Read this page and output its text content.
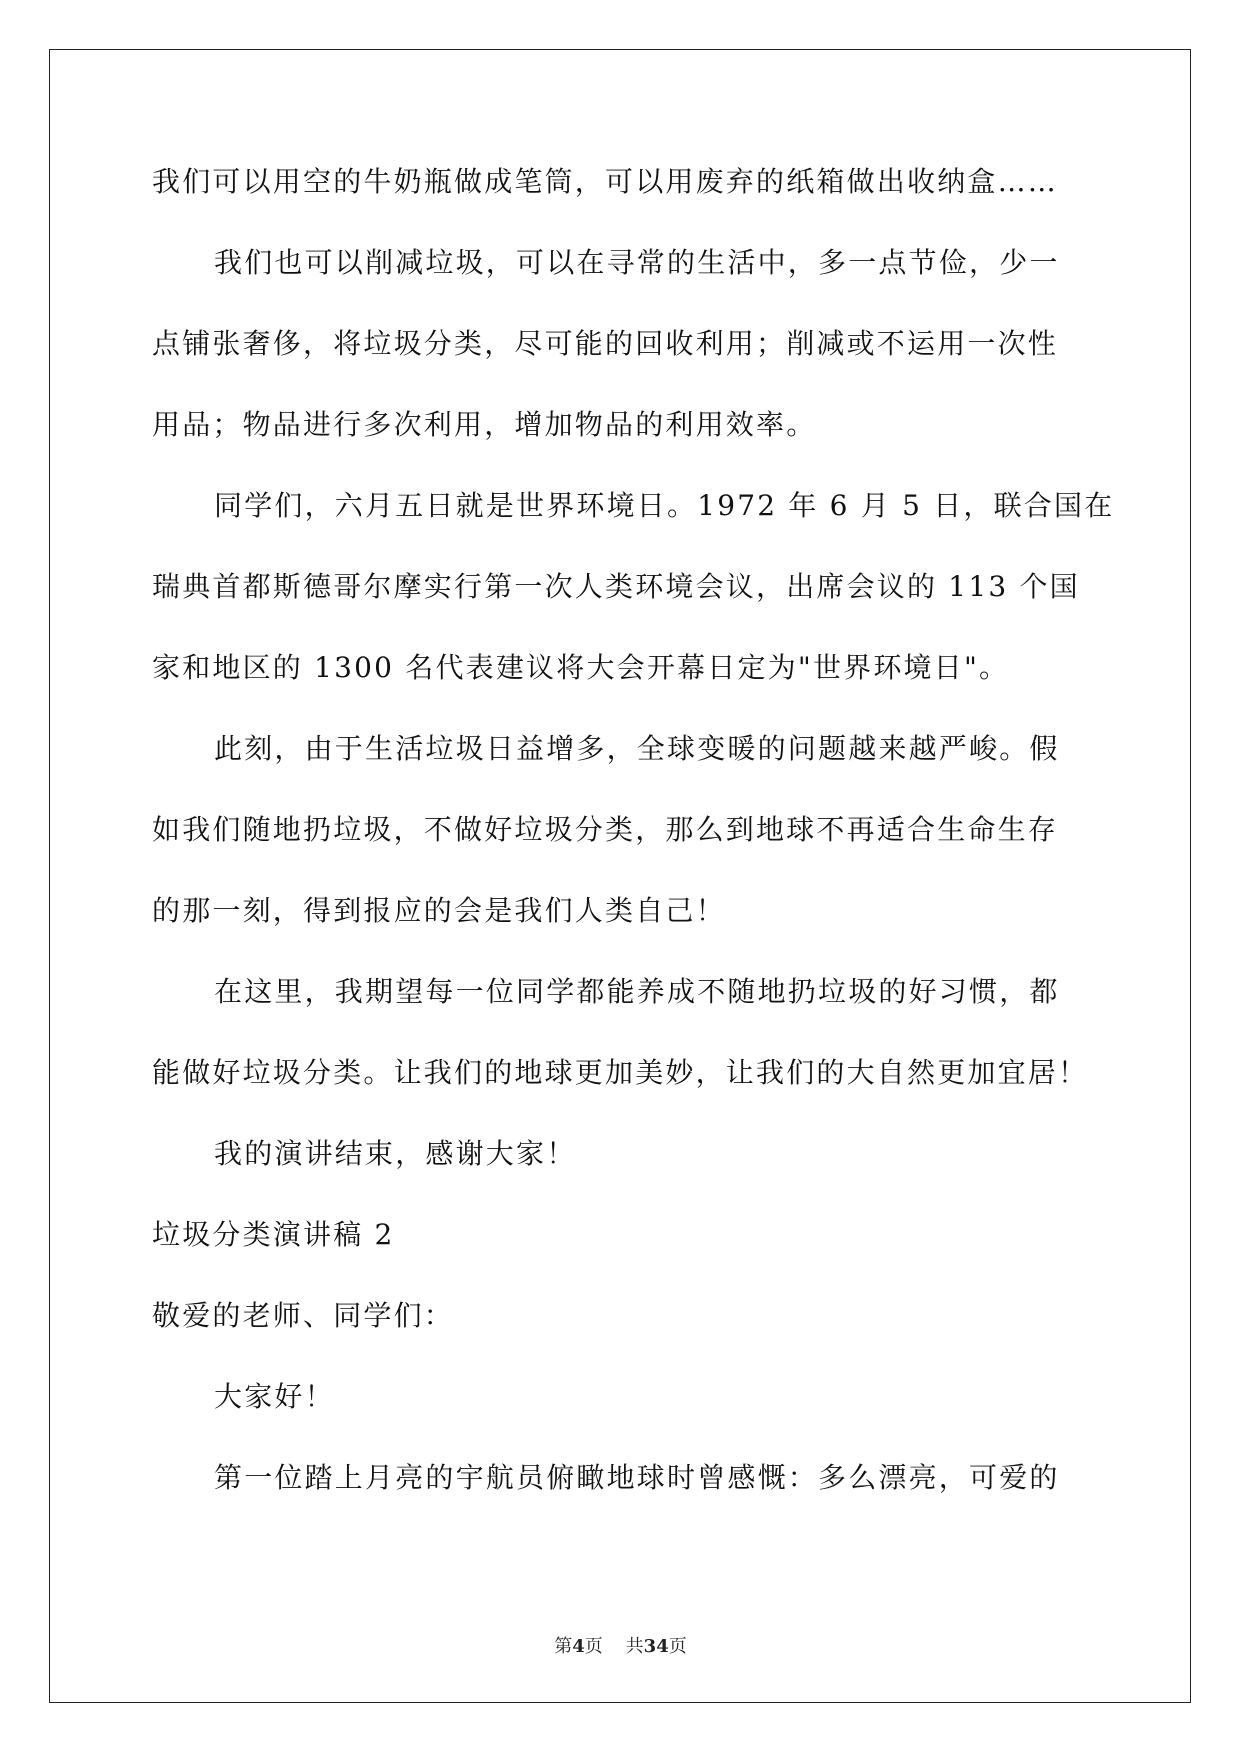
我们可以用空的牛奶瓶做成笔筒，可以用废弃的纸箱做出收纳盒……
我们也可以削减垃圾，可以在寻常的生活中，多一点节俭，少一
点铺张奢侈，将垃圾分类，尽可能的回收利用；削减或不运用一次性
用品；物品进行多次利用，增加物品的利用效率。
同学们，六月五日就是世界环境日。1972 年 6 月 5 日，联合国在
瑞典首都斯德哥尔摩实行第一次人类环境会议，出席会议的 113 个国
家和地区的 1300 名代表建议将大会开幕日定为"世界环境日"。
此刻，由于生活垃圾日益增多，全球变暖的问题越来越严峻。假
如我们随地扔垃圾，不做好垃圾分类，那么到地球不再适合生命生存
的那一刻，得到报应的会是我们人类自己！
在这里，我期望每一位同学都能养成不随地扔垃圾的好习惯，都
能做好垃圾分类。让我们的地球更加美妙，让我们的大自然更加宜居！
我的演讲结束，感谢大家！
垃圾分类演讲稿 2
敬爱的老师、同学们：
大家好！
第一位踏上月亮的宇航员俯瞰地球时曾感慨：多么漂亮，可爱的
第4页 共34页
